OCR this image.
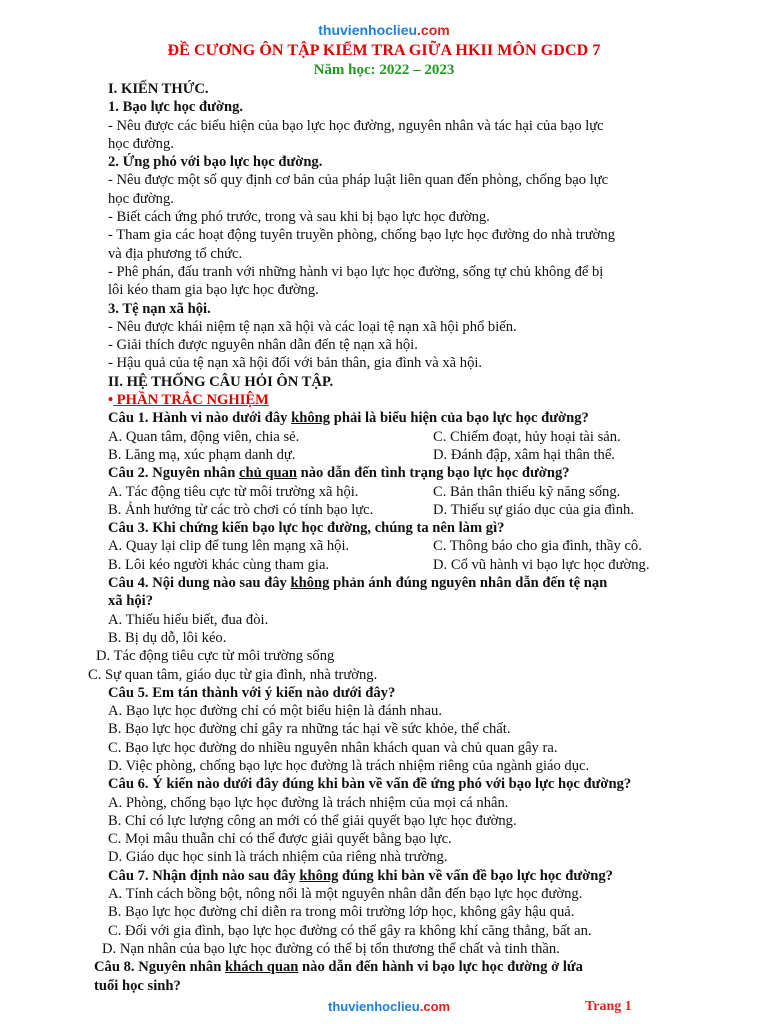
thuvienhoclieu.com
ĐỀ CƯƠNG ÔN TẬP KIỂM TRA GIỮA HKII MÔN GDCD 7
Năm học: 2022 – 2023

I. KIẾN THỨC.

1. Bạo lực học đường.

- Nêu được các biểu hiện của bạo lực học đường, nguyên nhân và tác hại của bạo lực

học đường.

2. Ứng phó với bạo lực học đường.

- Nêu được một số quy định cơ bản của pháp luật liên quan đến phòng, chống bạo lực

học đường.

- Biết cách ứng phó trước, trong và sau khi bị bạo lực học đường.

- Tham gia các hoạt động tuyên truyền phòng, chống bạo lực học đường do nhà trường

và địa phương tổ chức.

- Phê phán, đấu tranh với những hành vi bạo lực học đường, sống tự chủ không để bị

lôi kéo tham gia bạo lực học đường.

3. Tệ nạn xã hội.

- Nêu được khái niệm tệ nạn xã hội và các loại tệ nạn xã hội phổ biến.

- Giải thích được nguyên nhân dẫn đến tệ nạn xã hội.

- Hậu quả của tệ nạn xã hội đối với bản thân, gia đình và xã hội.

II. HỆ THỐNG CÂU HỎI ÔN TẬP.

• PHẦN TRẮC NGHIỆM

Câu 1. Hành vi nào dưới đây không phải là biểu hiện của bạo lực học đường?

A. Quan tâm, động viên, chia sẻ.	C. Chiếm đoạt, hủy hoại tài sản.
B. Lăng mạ, xúc phạm danh dự.	D. Đánh đập, xâm hại thân thể.

Câu 2. Nguyên nhân chủ quan nào dẫn đến tình trạng bạo lực học đường?

A. Tác động tiêu cực từ môi trường xã hội.	C. Bản thân thiếu kỹ năng sống.
B. Ảnh hưởng từ các trò chơi có tính bạo lực.	D. Thiếu sự giáo dục của gia đình.

Câu 3. Khi chứng kiến bạo lực học đường, chúng ta nên làm gì?

A. Quay lại clip để tung lên mạng xã hội.	C. Thông báo cho gia đình, thầy cô.
B. Lôi kéo người khác cùng tham gia.	D. Cổ vũ hành vi bạo lực học đường.

Câu 4. Nội dung nào sau đây không phản ánh đúng nguyên nhân dẫn đến tệ nạn

xã hội?

A. Thiếu hiểu biết, đua đòi.

B. Bị dụ dỗ, lôi kéo.

D. Tác động tiêu cực từ môi trường sống

C. Sự quan tâm, giáo dục từ gia đình, nhà trường.

Câu 5. Em tán thành với ý kiến nào dưới đây?

A. Bạo lực học đường chỉ có một biểu hiện là đánh nhau.

B. Bạo lực học đường chỉ gây ra những tác hại về sức khỏe, thể chất.

C. Bạo lực học đường do nhiều nguyên nhân khách quan và chủ quan gây ra.

D. Việc phòng, chống bạo lực học đường là trách nhiệm riêng của ngành giáo dục.

Câu 6. Ý kiến nào dưới đây đúng khi bàn về vấn đề ứng phó với bạo lực học đường?

A. Phòng, chống bạo lực học đường là trách nhiệm của mọi cá nhân.

B. Chỉ có lực lượng công an mới có thể giải quyết bạo lực học đường.

C. Mọi mâu thuẫn chỉ có thể được giải quyết bằng bạo lực.

D. Giáo dục học sinh là trách nhiệm của riêng nhà trường.

Câu 7. Nhận định nào sau đây không đúng khi bàn về vấn đề bạo lực học đường?

A. Tính cách bồng bột, nông nổi là một nguyên nhân dẫn đến bạo lực học đường.

B. Bạo lực học đường chỉ diễn ra trong môi trường lớp học, không gây hậu quả.

C. Đối với gia đình, bạo lực học đường có thể gây ra không khí căng thẳng, bất an.

D. Nạn nhân của bạo lực học đường có thể bị tổn thương thể chất và tinh thần.

Câu 8. Nguyên nhân khách quan nào dẫn đến hành vi bạo lực học đường ở lứa

tuổi học sinh?

thuvienhoclieu.com	Trang 1
